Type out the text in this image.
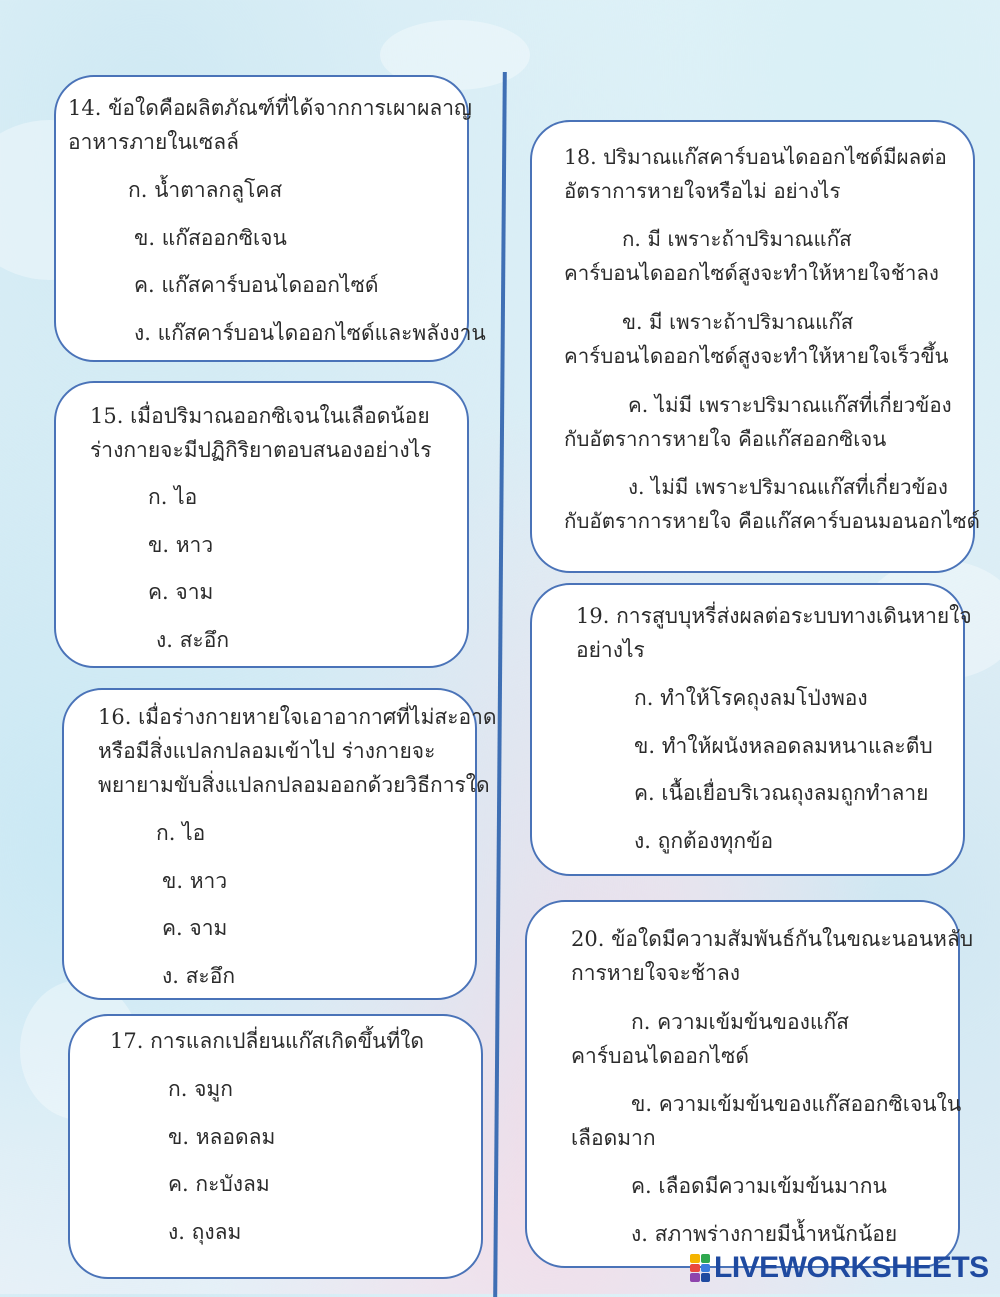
14. ข้อใดคือผลิตภัณฑ์ที่ได้จากการเผาผลาญ

อาหารภายในเซลล์

ก. น้ำตาลกลูโคส

ข. แก๊สออกซิเจน

ค. แก๊สคาร์บอนไดออกไซด์

ง. แก๊สคาร์บอนไดออกไซด์และพลังงาน

15. เมื่อปริมาณออกซิเจนในเลือดน้อย

ร่างกายจะมีปฏิกิริยาตอบสนองอย่างไร

ก. ไอ

ข. หาว

ค. จาม

ง. สะอึก

16. เมื่อร่างกายหายใจเอาอากาศที่ไม่สะอาด

หรือมีสิ่งแปลกปลอมเข้าไป ร่างกายจะ

พยายามขับสิ่งแปลกปลอมออกด้วยวิธีการใด

ก. ไอ

ข. หาว

ค. จาม

ง. สะอึก

17. การแลกเปลี่ยนแก๊สเกิดขึ้นที่ใด

ก. จมูก

ข. หลอดลม

ค. กะบังลม

ง. ถุงลม

18. ปริมาณแก๊สคาร์บอนไดออกไซด์มีผลต่อ

อัตราการหายใจหรือไม่ อย่างไร

ก. มี เพราะถ้าปริมาณแก๊ส

คาร์บอนไดออกไซด์สูงจะทำให้หายใจช้าลง

ข. มี เพราะถ้าปริมาณแก๊ส

คาร์บอนไดออกไซด์สูงจะทำให้หายใจเร็วขึ้น

ค. ไม่มี เพราะปริมาณแก๊สที่เกี่ยวข้อง

กับอัตราการหายใจ คือแก๊สออกซิเจน

ง. ไม่มี เพราะปริมาณแก๊สที่เกี่ยวข้อง

กับอัตราการหายใจ คือแก๊สคาร์บอนมอนอกไซด์

19. การสูบบุหรี่ส่งผลต่อระบบทางเดินหายใจ

อย่างไร

ก. ทำให้โรคถุงลมโป่งพอง

ข. ทำให้ผนังหลอดลมหนาและตีบ

ค. เนื้อเยื่อบริเวณถุงลมถูกทำลาย

ง. ถูกต้องทุกข้อ

20. ข้อใดมีความสัมพันธ์กันในขณะนอนหลับ

การหายใจจะช้าลง

ก. ความเข้มข้นของแก๊ส

คาร์บอนไดออกไซด์

ข. ความเข้มข้นของแก๊สออกซิเจนใน

เลือดมาก

ค. เลือดมีความเข้มข้นมากน

ง. สภาพร่างกายมีน้ำหนักน้อย

LIVEWORKSHEETS
